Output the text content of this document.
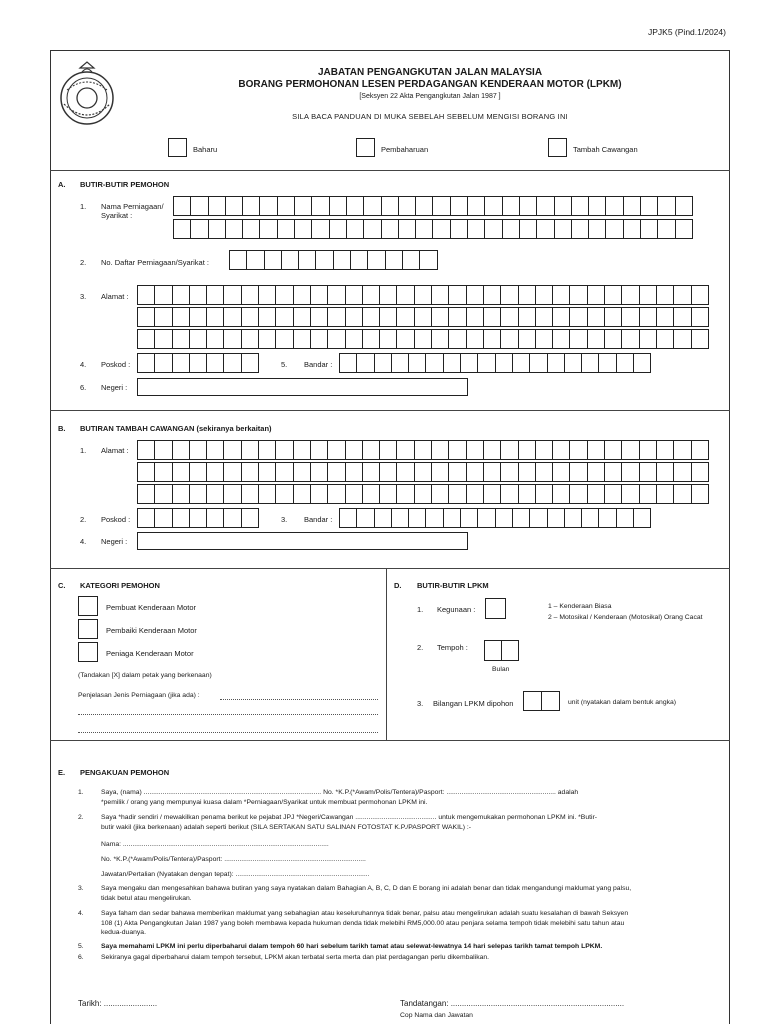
JPJK5 (Pind.1/2024)
JABATAN PENGANGKUTAN JALAN MALAYSIA
BORANG PERMOHONAN LESEN PERDAGANGAN KENDERAAN MOTOR (LPKM)
[Seksyen 22 Akta Pengangkutan Jalan 1987 ]
SILA BACA PANDUAN DI MUKA SEBELAH SEBELUM MENGISI BORANG INI
Baharu	Pembaharuan	Tambah Cawangan
A. BUTIR-BUTIR PEMOHON
1. Nama Perniagaan/
Syarikat :
2. No. Daftar Perniagaan/Syarikat :
3. Alamat :
4. Poskod :	5. Bandar :
6. Negeri :
B. BUTIRAN TAMBAH CAWANGAN (sekiranya berkaitan)
1. Alamat :
2. Poskod :	3. Bandar :
4. Negeri :
C. KATEGORI PEMOHON
Pembuat Kenderaan Motor
Pembaiki Kenderaan Motor
Peniaga Kenderaan Motor
(Tandakan [X] dalam petak yang berkenaan)
Penjelasan Jenis Perniagaan (jika ada) :
D. BUTIR-BUTIR LPKM
1. Kegunaan :	1 – Kenderaan Biasa
2 – Motosikal / Kenderaan (Motosikal) Orang Cacat
2. Tempoh :
Bulan
3. Bilangan LPKM dipohon	unit (nyatakan dalam bentuk angka)
E. PENGAKUAN PEMOHON
1.	Saya, (nama) .............................................................................................. No. *K.P.(*Awam/Polis/Tentera)/Pasport: .......................................................... adalah
*pemilik / orang yang mempunyai kuasa dalam *Perniagaan/Syarikat untuk membuat permohonan LPKM ini.
2.	Saya *hadir sendiri / mewakilkan penama berikut ke pejabat JPJ *Negeri/Cawangan ........................................... untuk mengemukakan permohonan LPKM ini. *Butir-
butir wakil (jika berkenaan) adalah seperti berikut (SILA SERTAKAN SATU SALINAN FOTOSTAT K.P./PASPORT WAKIL) :-
3.	Saya mengaku dan mengesahkan bahawa butiran yang saya nyatakan dalam Bahagian A, B, C, D dan E borang ini adalah benar dan tidak mengandungi maklumat yang palsu,
tidak betul atau mengelirukan.
4.	Saya faham dan sedar bahawa memberikan maklumat yang sebahagian atau keseluruhannya tidak benar, palsu atau mengelirukan adalah suatu kesalahan di bawah Seksyen
108 (1) Akta Pengangkutan Jalan 1987 yang boleh membawa kepada hukuman denda tidak melebihi RM5,000.00 atau penjara selama tempoh tidak melebihi satu tahun atau
kedua-duanya.
5.	Saya memahami LPKM ini perlu diperbaharui dalam tempoh 60 hari sebelum tarikh tamat atau selewat-lewatnya 14 hari selepas tarikh tamat tempoh LPKM.
6.	Sekiranya gagal diperbaharui dalam tempoh tersebut, LPKM akan terbatal serta merta dan plat perdagangan perlu dikembalikan.
Nama: .............................................................................................................
No. *K.P.(*Awam/Polis/Tentera)/Pasport: ...........................................................................
Jawatan/Pertalian (Nyatakan dengan tepat): .......................................................................
Tarikh: ........................	Tandatangan: ..............................................................................
Cop Nama dan Jawatan
